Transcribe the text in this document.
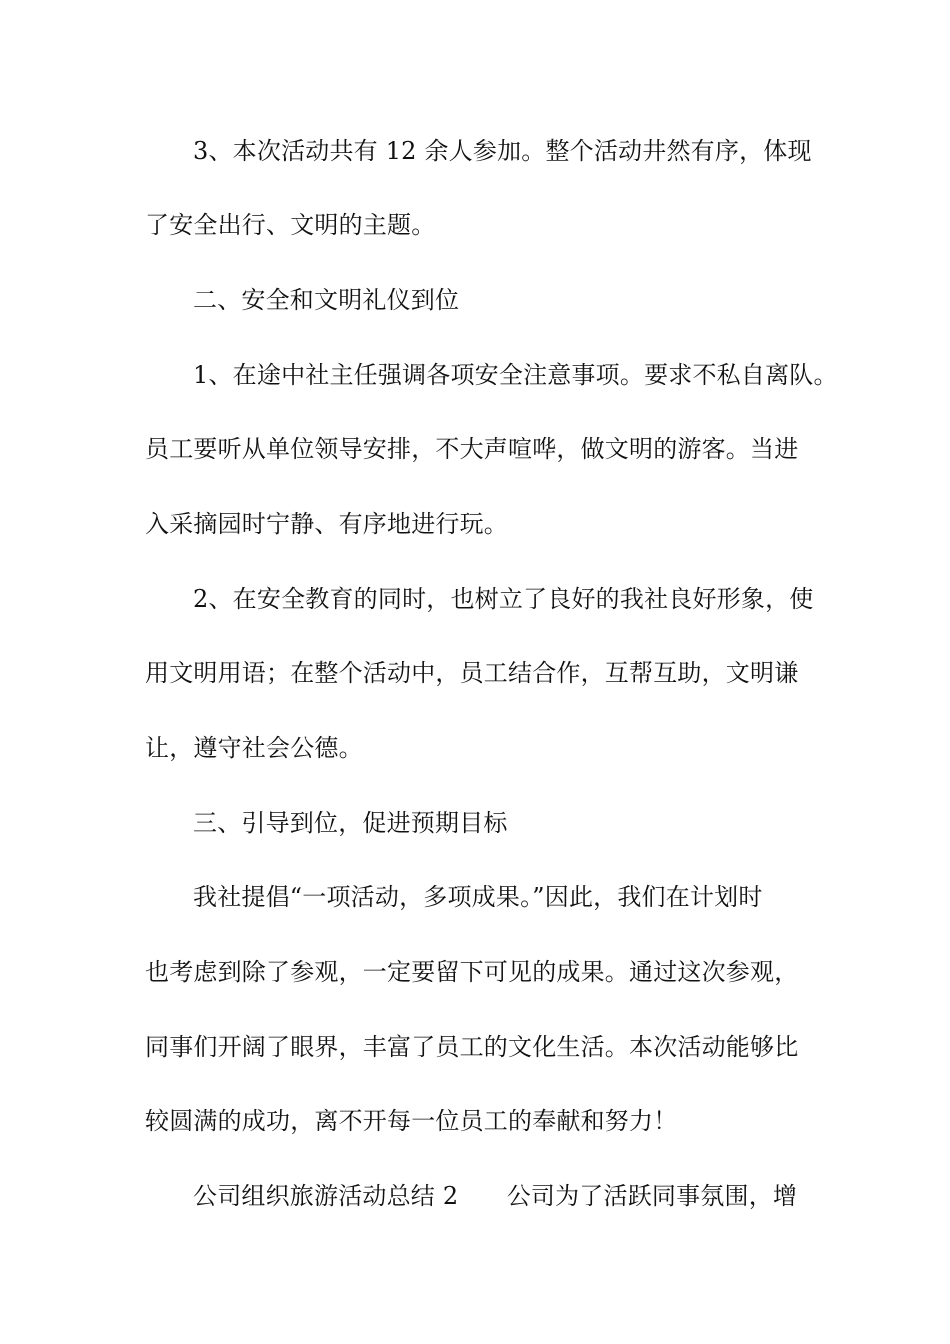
3、本次活动共有 12 余人参加。整个活动井然有序，体现
了安全出行、文明的主题。
二、安全和文明礼仪到位
1、在途中社主任强调各项安全注意事项。要求不私自离队。
员工要听从单位领导安排，不大声喧哗，做文明的游客。当进
入采摘园时宁静、有序地进行玩。
2、在安全教育的同时，也树立了良好的我社良好形象，使
用文明用语；在整个活动中，员工结合作，互帮互助，文明谦
让，遵守社会公德。
三、引导到位，促进预期目标
我社提倡“一项活动，多项成果。”因此，我们在计划时
也考虑到除了参观，一定要留下可见的成果。通过这次参观，
同事们开阔了眼界，丰富了员工的文化生活。本次活动能够比
较圆满的成功，离不开每一位员工的奉献和努力！
公司组织旅游活动总结 2　　公司为了活跃同事氛围，增
